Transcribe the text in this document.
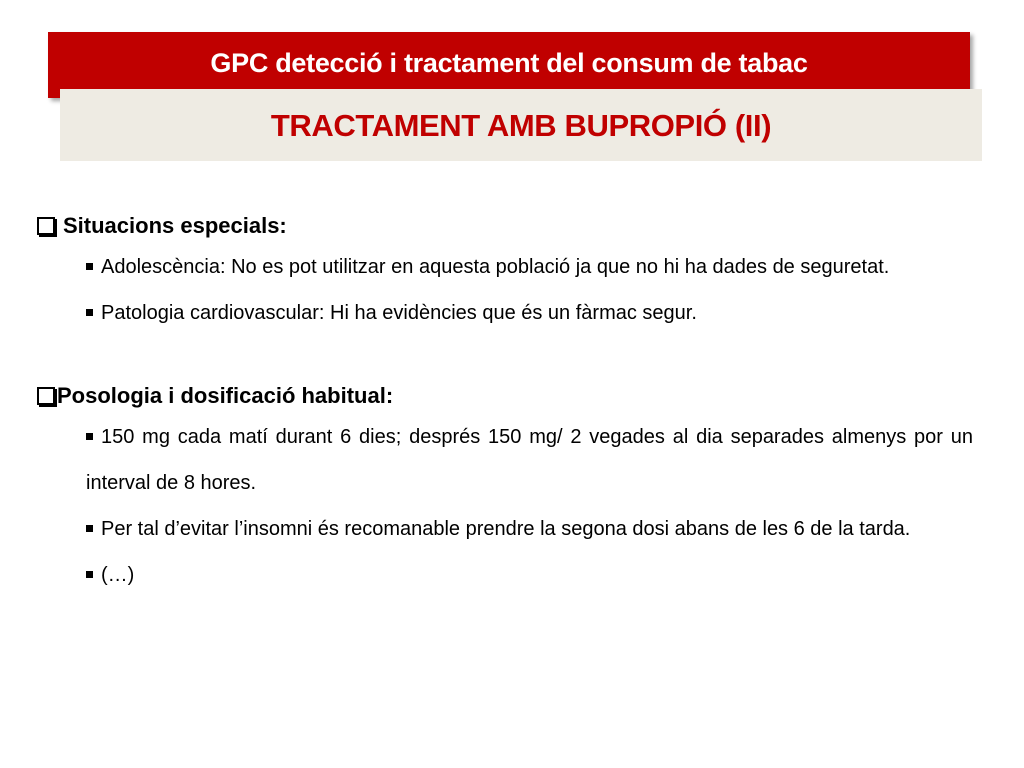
GPC detecció i tractament del consum de tabac
TRACTAMENT AMB BUPROPIÓ (II)
Situacions especials:
Adolescència: No es pot utilitzar en aquesta població ja que no hi ha dades de seguretat.
Patologia cardiovascular: Hi ha evidències que és un fàrmac segur.
Posologia i dosificació habitual:
150 mg cada matí durant 6 dies; després 150 mg/ 2 vegades al dia separades almenys por un interval de 8 hores.
Per tal d’evitar l’insomni és recomanable prendre la segona dosi abans de les 6 de la tarda.
(…)
